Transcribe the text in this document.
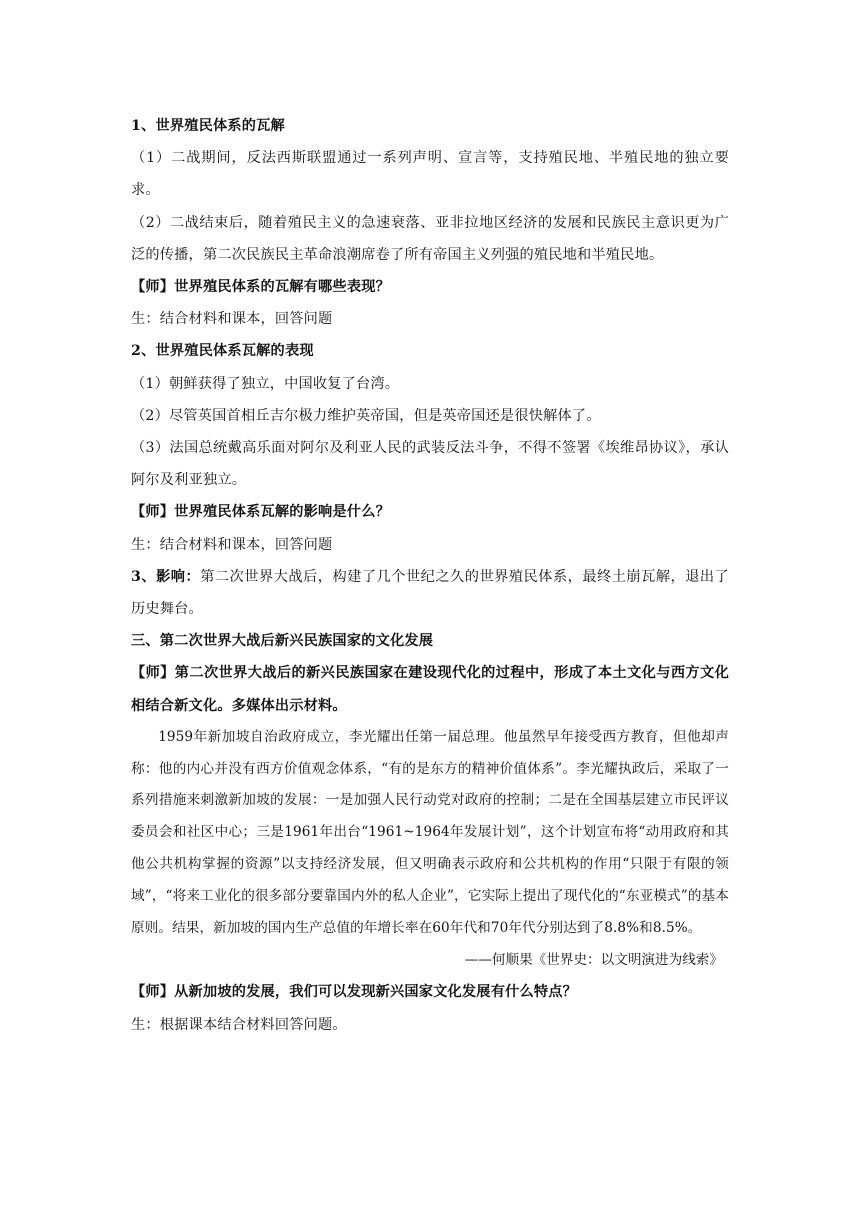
1、世界殖民体系的瓦解

（1）二战期间，反法西斯联盟通过一系列声明、宣言等，支持殖民地、半殖民地的独立要求。

（2）二战结束后，随着殖民主义的急速衰落、亚非拉地区经济的发展和民族民主意识更为广泛的传播，第二次民族民主革命浪潮席卷了所有帝国主义列强的殖民地和半殖民地。

【师】世界殖民体系的瓦解有哪些表现？

生：结合材料和课本，回答问题

2、世界殖民体系瓦解的表现

（1）朝鲜获得了独立，中国收复了台湾。

（2）尽管英国首相丘吉尔极力维护英帝国，但是英帝国还是很快解体了。

（3）法国总统戴高乐面对阿尔及利亚人民的武装反法斗争，不得不签署《埃维昂协议》，承认阿尔及利亚独立。

【师】世界殖民体系瓦解的影响是什么？

生：结合材料和课本，回答问题

3、影响：第二次世界大战后，构建了几个世纪之久的世界殖民体系，最终土崩瓦解，退出了历史舞台。

三、第二次世界大战后新兴民族国家的文化发展

【师】第二次世界大战后的新兴民族国家在建设现代化的过程中，形成了本土文化与西方文化相结合新文化。多媒体出示材料。

1959年新加坡自治政府成立，李光耀出任第一届总理。他虽然早年接受西方教育，但他却声称：他的内心并没有西方价值观念体系，“有的是东方的精神价值体系”。李光耀执政后，采取了一系列措施来刺激新加坡的发展：一是加强人民行动党对政府的控制；二是在全国基层建立市民评议委员会和社区中心；三是1961年出台“1961~1964年发展计划”，这个计划宣布将“动用政府和其他公共机构掌握的资源”以支持经济发展，但又明确表示政府和公共机构的作用“只限于有限的领域”，“将来工业化的很多部分要靠国内外的私人企业”，它实际上提出了现代化的“东亚模式”的基本原则。结果，新加坡的国内生产总值的年增长率在60年代和70年代分别达到了8.8%和8.5%。

——何顺果《世界史：以文明演进为线索》

【师】从新加坡的发展，我们可以发现新兴国家文化发展有什么特点？

生：根据课本结合材料回答问题。
